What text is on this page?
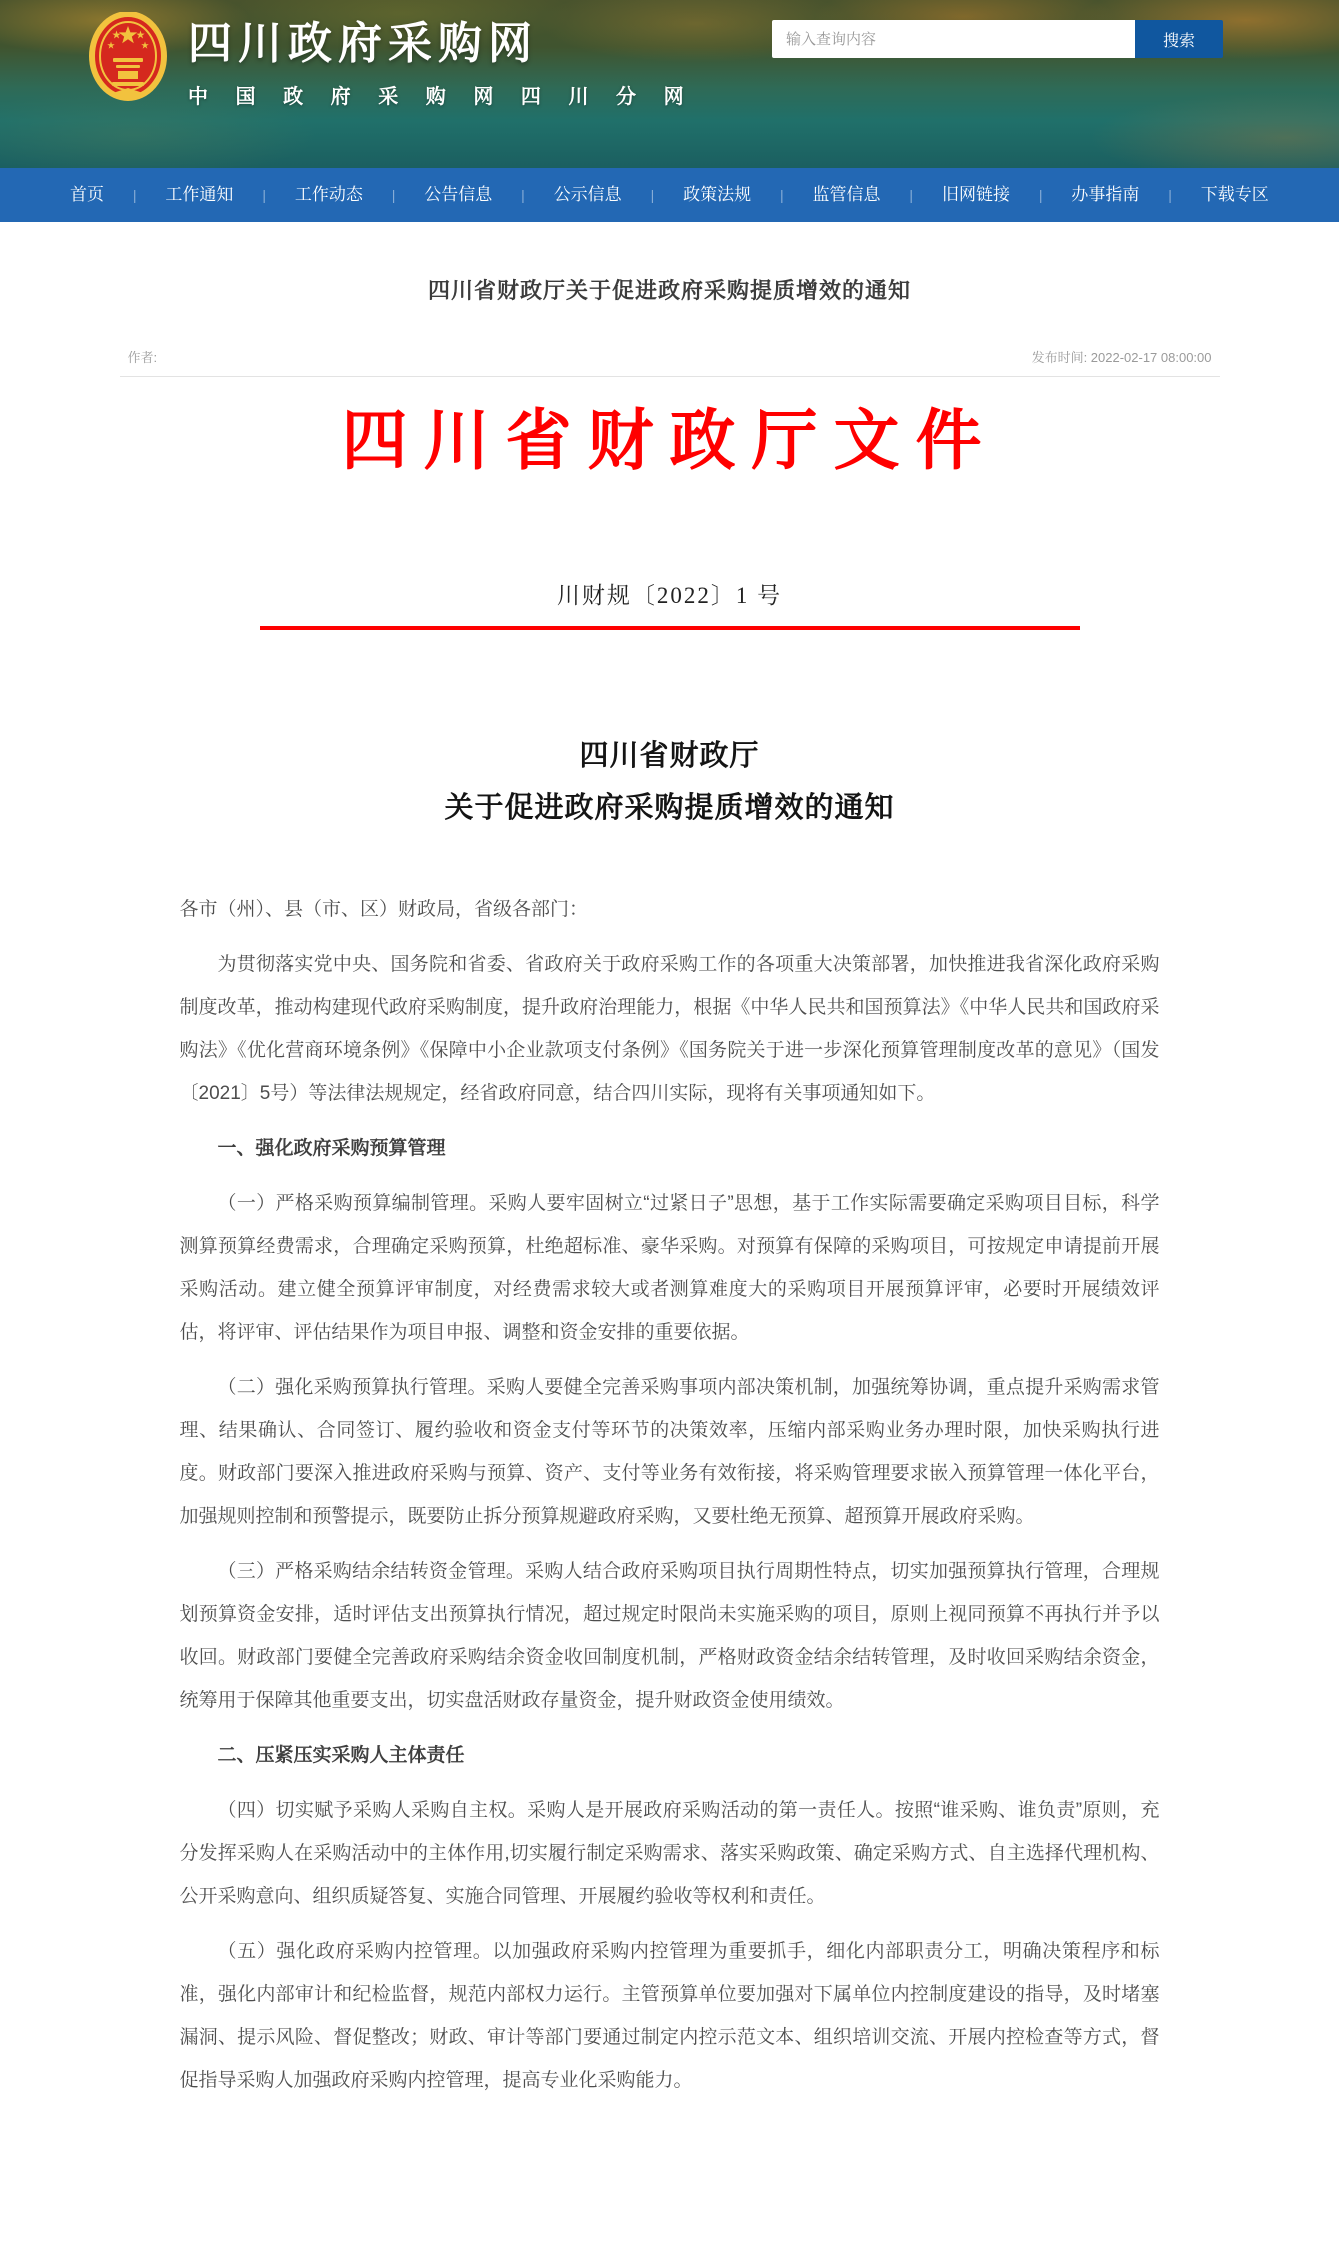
★ ★
★	★ 四川政府采购网
中 国 政 府 采 购 网 四 川 分 网
输入查询内容
搜索
首页 | 工作通知 | 工作动态 | 公告信息 | 公示信息 | 政策法规 | 监管信息 | 旧网链接 | 办事指南 | 下载专区
四川省财政厅关于促进政府采购提质增效的通知
作者:	发布时间: 2022-02-17 08:00:00
四川省财政厅文件
川财规〔2022〕1 号
四川省财政厅
关于促进政府采购提质增效的通知

各市（州）、县（市、区）财政局，省级各部门：

为贯彻落实党中央、国务院和省委、省政府关于政府采购工作的各项重大决策部署，加快推进我省深化政府采购制度改革，推动构建现代政府采购制度，提升政府治理能力，根据《中华人民共和国预算法》《中华人民共和国政府采购法》《优化营商环境条例》《保障中小企业款项支付条例》《国务院关于进一步深化预算管理制度改革的意见》（国发〔2021〕5号）等法律法规规定，经省政府同意，结合四川实际，现将有关事项通知如下。

一、强化政府采购预算管理

（一）严格采购预算编制管理。采购人要牢固树立“过紧日子”思想，基于工作实际需要确定采购项目目标，科学测算预算经费需求，合理确定采购预算，杜绝超标准、豪华采购。对预算有保障的采购项目，可按规定申请提前开展采购活动。建立健全预算评审制度，对经费需求较大或者测算难度大的采购项目开展预算评审，必要时开展绩效评估，将评审、评估结果作为项目申报、调整和资金安排的重要依据。

（二）强化采购预算执行管理。采购人要健全完善采购事项内部决策机制，加强统筹协调，重点提升采购需求管理、结果确认、合同签订、履约验收和资金支付等环节的决策效率，压缩内部采购业务办理时限，加快采购执行进度。财政部门要深入推进政府采购与预算、资产、支付等业务有效衔接，将采购管理要求嵌入预算管理一体化平台，加强规则控制和预警提示，既要防止拆分预算规避政府采购，又要杜绝无预算、超预算开展政府采购。

（三）严格采购结余结转资金管理。采购人结合政府采购项目执行周期性特点，切实加强预算执行管理，合理规划预算资金安排，适时评估支出预算执行情况，超过规定时限尚未实施采购的项目，原则上视同预算不再执行并予以收回。财政部门要健全完善政府采购结余资金收回制度机制，严格财政资金结余结转管理，及时收回采购结余资金，统筹用于保障其他重要支出，切实盘活财政存量资金，提升财政资金使用绩效。

二、压紧压实采购人主体责任

（四）切实赋予采购人采购自主权。采购人是开展政府采购活动的第一责任人。按照“谁采购、谁负责”原则，充分发挥采购人在采购活动中的主体作用,切实履行制定采购需求、落实采购政策、确定采购方式、自主选择代理机构、公开采购意向、组织质疑答复、实施合同管理、开展履约验收等权利和责任。

（五）强化政府采购内控管理。以加强政府采购内控管理为重要抓手，细化内部职责分工，明确决策程序和标准，强化内部审计和纪检监督，规范内部权力运行。主管预算单位要加强对下属单位内控制度建设的指导，及时堵塞漏洞、提示风险、督促整改；财政、审计等部门要通过制定内控示范文本、组织培训交流、开展内控检查等方式，督促指导采购人加强政府采购内控管理，提高专业化采购能力。
